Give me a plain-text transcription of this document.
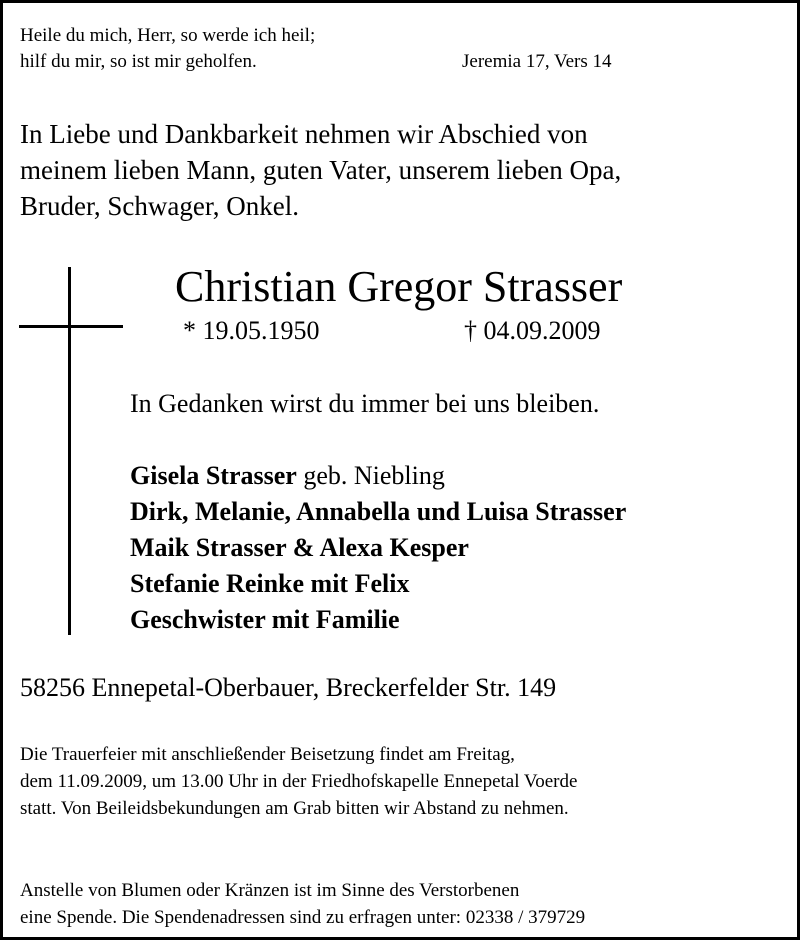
Heile du mich, Herr, so werde ich heil;
hilf du mir, so ist mir geholfen.	Jeremia 17, Vers 14
In Liebe und Dankbarkeit nehmen wir Abschied von
meinem lieben Mann, guten Vater, unserem lieben Opa,
Bruder, Schwager, Onkel.
Christian Gregor Strasser
* 19.05.1950	† 04.09.2009
In Gedanken wirst du immer bei uns bleiben.
Gisela Strasser geb. Niebling
Dirk, Melanie, Annabella und Luisa Strasser
Maik Strasser & Alexa Kesper
Stefanie Reinke mit Felix
Geschwister mit Familie
58256 Ennepetal-Oberbauer, Breckerfelder Str. 149
Die Trauerfeier mit anschließender Beisetzung findet am Freitag,
dem 11.09.2009, um 13.00 Uhr in der Friedhofskapelle Ennepetal Voerde
statt. Von Beileidsbekundungen am Grab bitten wir Abstand zu nehmen.
Anstelle von Blumen oder Kränzen ist im Sinne des Verstorbenen
eine Spende. Die Spendenadressen sind zu erfragen unter: 02338 / 379729
